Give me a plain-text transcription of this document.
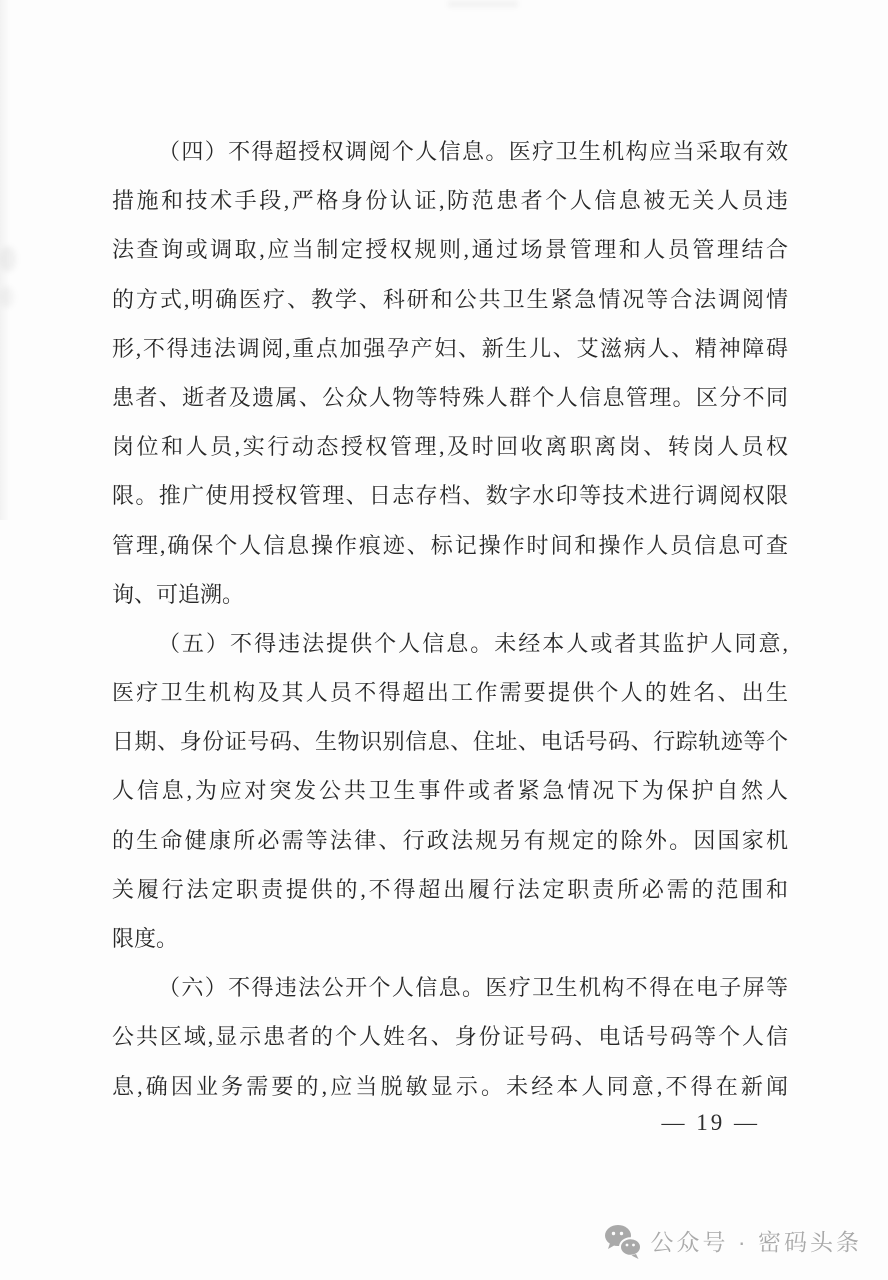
（四）不得超授权调阅个人信息。医疗卫生机构应当采取有效
措施和技术手段,严格身份认证,防范患者个人信息被无关人员违
法查询或调取,应当制定授权规则,通过场景管理和人员管理结合
的方式,明确医疗、教学、科研和公共卫生紧急情况等合法调阅情
形,不得违法调阅,重点加强孕产妇、新生儿、艾滋病人、精神障碍
患者、逝者及遗属、公众人物等特殊人群个人信息管理。区分不同
岗位和人员,实行动态授权管理,及时回收离职离岗、转岗人员权
限。推广使用授权管理、日志存档、数字水印等技术进行调阅权限
管理,确保个人信息操作痕迹、标记操作时间和操作人员信息可查
询、可追溯。
（五）不得违法提供个人信息。未经本人或者其监护人同意,
医疗卫生机构及其人员不得超出工作需要提供个人的姓名、出生
日期、身份证号码、生物识别信息、住址、电话号码、行踪轨迹等个
人信息,为应对突发公共卫生事件或者紧急情况下为保护自然人
的生命健康所必需等法律、行政法规另有规定的除外。因国家机
关履行法定职责提供的,不得超出履行法定职责所必需的范围和
限度。
（六）不得违法公开个人信息。医疗卫生机构不得在电子屏等
公共区域,显示患者的个人姓名、身份证号码、电话号码等个人信
息,确因业务需要的,应当脱敏显示。未经本人同意,不得在新闻
— 19 —
公众号 · 密码头条
